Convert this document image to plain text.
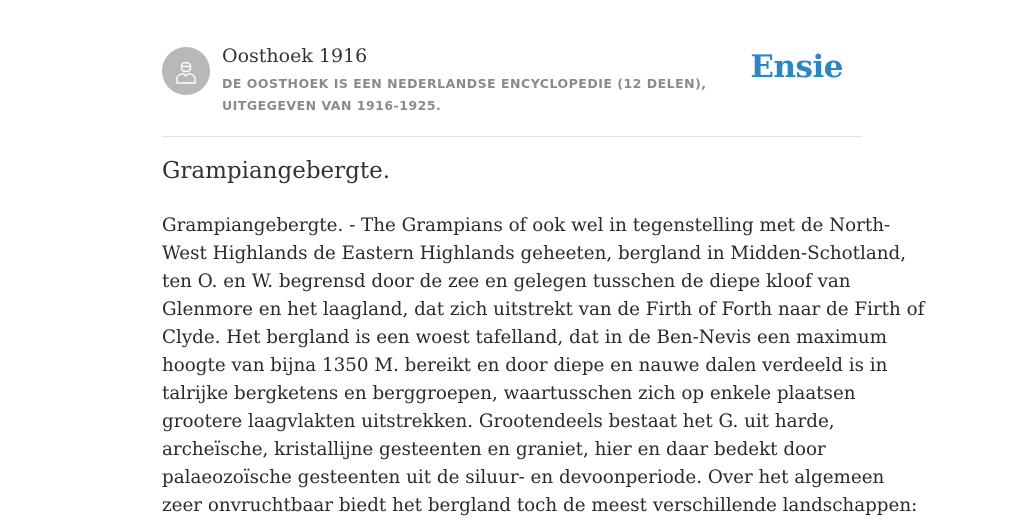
Oosthoek 1916
DE OOSTHOEK IS EEN NEDERLANDSE ENCYCLOPEDIE (12 DELEN), UITGEGEVEN VAN 1916-1925.
Ensie
Grampiangebergte.
Grampiangebergte. - The Grampians of ook wel in tegenstelling met de North-
West Highlands de Eastern Highlands geheeten, bergland in Midden-Schotland,
ten O. en W. begrensd door de zee en gelegen tusschen de diepe kloof van
Glenmore en het laagland, dat zich uitstrekt van de Firth of Forth naar de Firth of
Clyde. Het bergland is een woest tafelland, dat in de Ben-Nevis een maximum
hoogte van bijna 1350 M. bereikt en door diepe en nauwe dalen verdeeld is in
talrijke bergketens en berggroepen, waartusschen zich op enkele plaatsen
grootere laagvlakten uitstrekken. Grootendeels bestaat het G. uit harde,
archeïsche, kristallijne gesteenten en graniet, hier en daar bedekt door
palaeozoïsche gesteenten uit de siluur- en devoonperiode. Over het algemeen
zeer onvruchtbaar biedt het bergland toch de meest verschillende landschappen:
